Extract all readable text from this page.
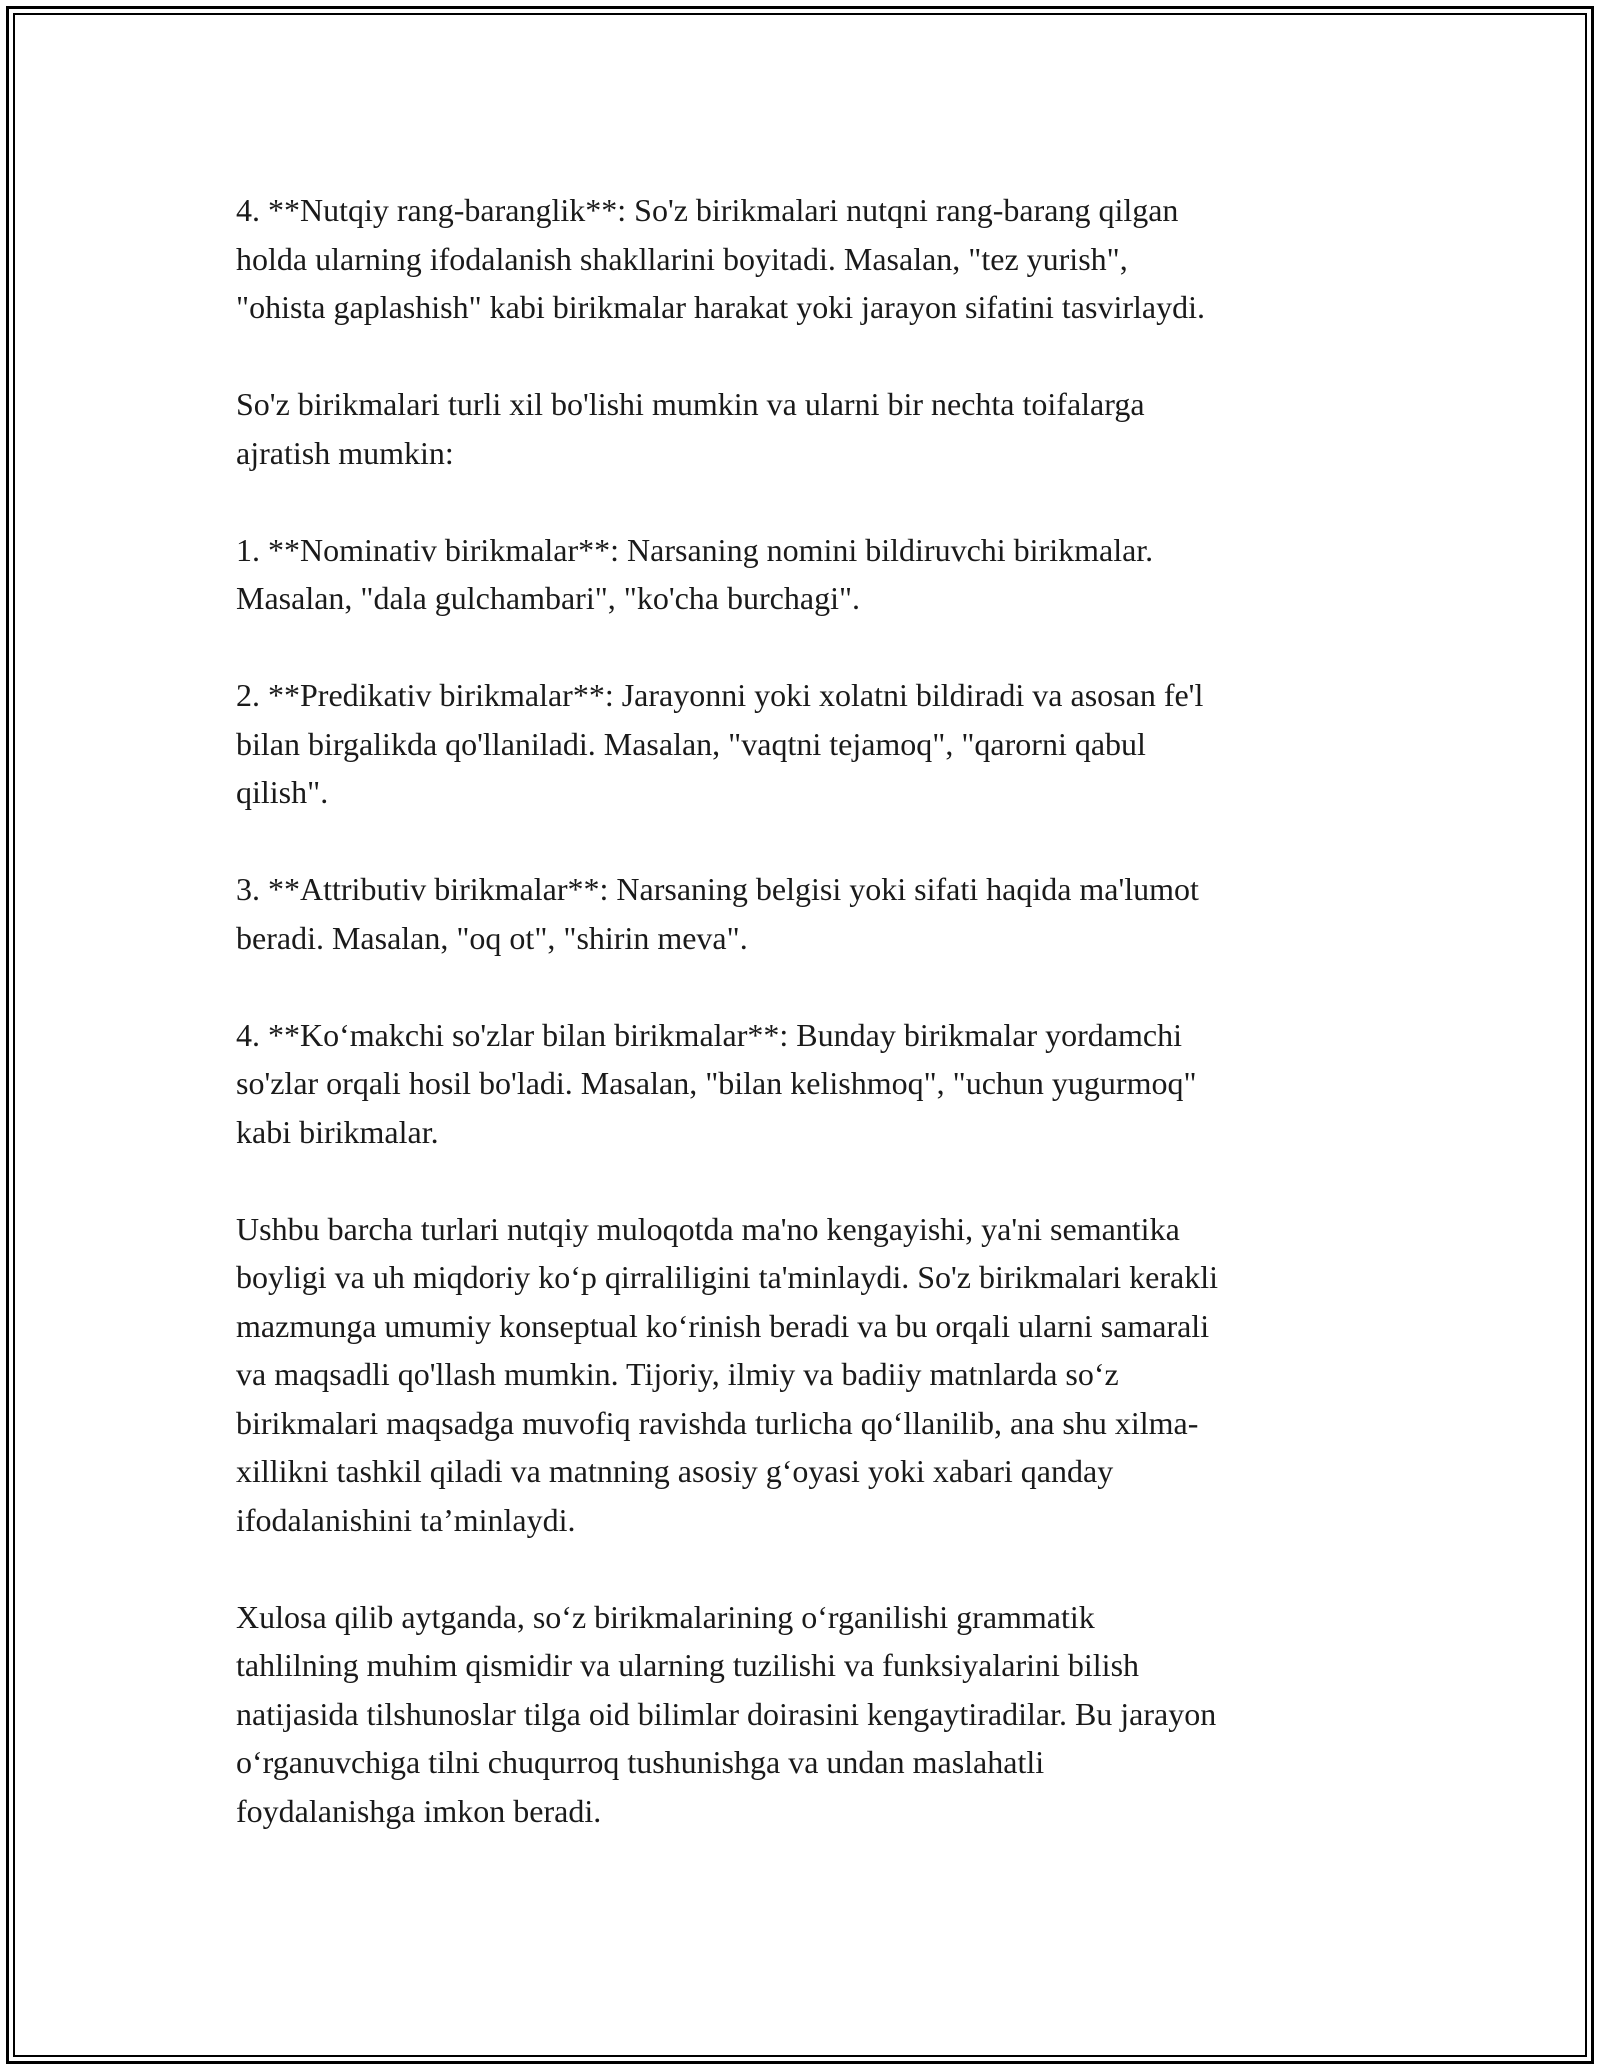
4. **Nutqiy rang-baranglik**: So'z birikmalari nutqni rang-barang qilgan
holda ularning ifodalanish shakllarini boyitadi. Masalan, "tez yurish",
"ohista gaplashish" kabi birikmalar harakat yoki jarayon sifatini tasvirlaydi.

So'z birikmalari turli xil bo'lishi mumkin va ularni bir nechta toifalarga
ajratish mumkin:

1. **Nominativ birikmalar**: Narsaning nomini bildiruvchi birikmalar.
Masalan, "dala gulchambari", "ko'cha burchagi".

2. **Predikativ birikmalar**: Jarayonni yoki xolatni bildiradi va asosan fe'l
bilan birgalikda qo'llaniladi. Masalan, "vaqtni tejamoq", "qarorni qabul
qilish".

3. **Attributiv birikmalar**: Narsaning belgisi yoki sifati haqida ma'lumot
beradi. Masalan, "oq ot", "shirin meva".

4. **Ko‘makchi so'zlar bilan birikmalar**: Bunday birikmalar yordamchi
so'zlar orqali hosil bo'ladi. Masalan, "bilan kelishmoq", "uchun yugurmoq"
kabi birikmalar.

Ushbu barcha turlari nutqiy muloqotda ma'no kengayishi, ya'ni semantika
boyligi va uh miqdoriy ko‘p qirraliligini ta'minlaydi. So'z birikmalari kerakli
mazmunga umumiy konseptual ko‘rinish beradi va bu orqali ularni samarali
va maqsadli qo'llash mumkin. Tijoriy, ilmiy va badiiy matnlarda so‘z
birikmalari maqsadga muvofiq ravishda turlicha qo‘llanilib, ana shu xilma-
xillikni tashkil qiladi va matnning asosiy g‘oyasi yoki xabari qanday
ifodalanishini ta’minlaydi.

Xulosa qilib aytganda, so‘z birikmalarining o‘rganilishi grammatik
tahlilning muhim qismidir va ularning tuzilishi va funksiyalarini bilish
natijasida tilshunoslar tilga oid bilimlar doirasini kengaytiradilar. Bu jarayon
o‘rganuvchiga tilni chuqurroq tushunishga va undan maslahatli
foydalanishga imkon beradi.
